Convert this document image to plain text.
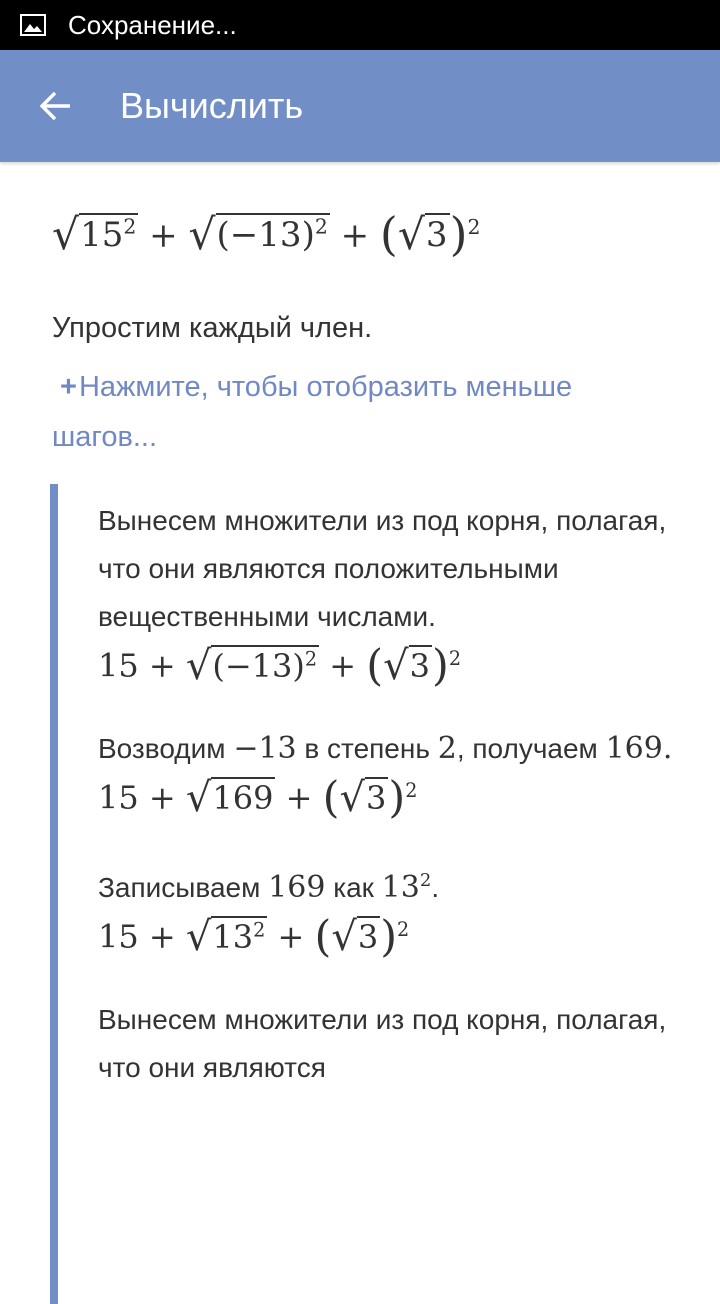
Сохранение...
Вычислить
$√15^2 + √(-13)^2 + (√3)^2$
Упростим каждый член.
+Нажмите, чтобы отобразить меньше шагов...
Вынесем множители из под корня, полагая, что они являются положительными вещественными числами.
$15 + √(-13)^2 + (√3)^2$
Возводим −13 в степень 2, получаем 169.
$15 + √169 + (√3)^2$
Записываем 169 как $13^2$.
$15 + √13^2 + (√3)^2$
Вынесем множители из под корня, полагая, что они являются
